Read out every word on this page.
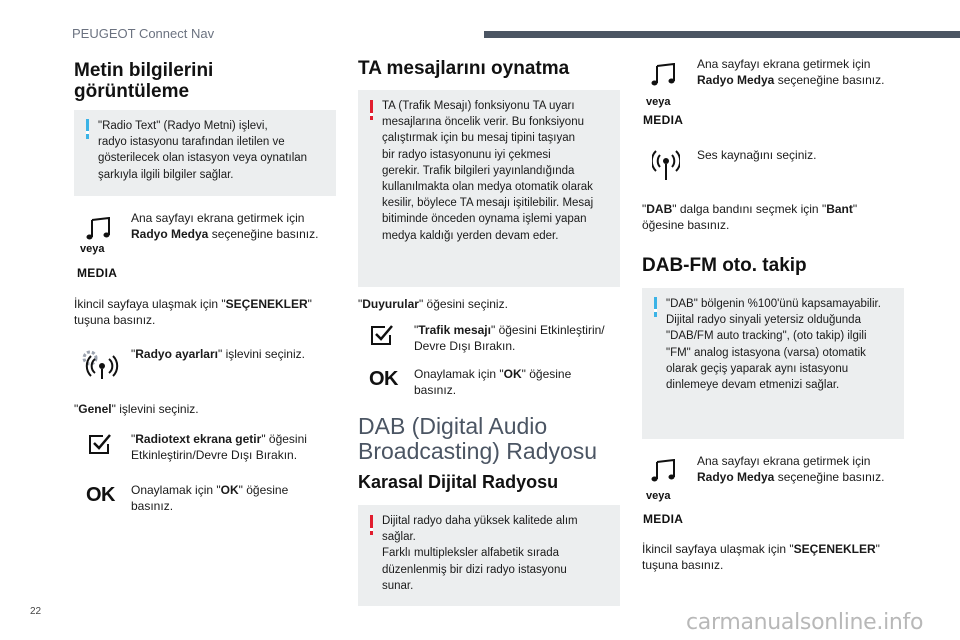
PEUGEOT Connect Nav
Metin bilgilerini
görüntüleme
"Radio Text" (Radyo Metni) işlevi,
radyo istasyonu tarafından iletilen ve
gösterilecek olan istasyon veya oynatılan
şarkıyla ilgili bilgiler sağlar.
veya
MEDIA
Ana sayfayı ekrana getirmek için
Radyo Medya seçeneğine basınız.
İkincil sayfaya ulaşmak için "SEÇENEKLER"
tuşuna basınız.
"Radyo ayarları" işlevini seçiniz.
"Genel" işlevini seçiniz.
"Radiotext ekrana getir" öğesini
Etkinleştirin/Devre Dışı Bırakın.
OK Onaylamak için "OK" öğesine
basınız.
TA mesajlarını oynatma
TA (Trafik Mesajı) fonksiyonu TA uyarı
mesajlarına öncelik verir. Bu fonksiyonu
çalıştırmak için bu mesaj tipini taşıyan
bir radyo istasyonunu iyi çekmesi
gerekir. Trafik bilgileri yayınlandığında
kullanılmakta olan medya otomatik olarak
kesilir, böylece TA mesajı işitilebilir. Mesaj
bitiminde önceden oynama işlemi yapan
medya kaldığı yerden devam eder.
"Duyurular" öğesini seçiniz.
"Trafik mesajı" öğesini Etkinleştirin/
Devre Dışı Bırakın.
OK Onaylamak için "OK" öğesine
basınız.
DAB (Digital Audio
Broadcasting) Radyosu
Karasal Dijital Radyosu
Dijital radyo daha yüksek kalitede alım
sağlar.
Farklı multipleksler alfabetik sırada
düzenlenmiş bir dizi radyo istasyonu
sunar.
veya
MEDIA
Ana sayfayı ekrana getirmek için
Radyo Medya seçeneğine basınız.
Ses kaynağını seçiniz.
"DAB" dalga bandını seçmek için "Bant"
öğesine basınız.
DAB-FM oto. takip
"DAB" bölgenin %100'ünü kapsamayabilir.
Dijital radyo sinyali yetersiz olduğunda
"DAB/FM auto tracking", (oto takip) ilgili
"FM" analog istasyona (varsa) otomatik
olarak geçiş yaparak aynı istasyonu
dinlemeye devam etmenizi sağlar.
veya
MEDIA
Ana sayfayı ekrana getirmek için
Radyo Medya seçeneğine basınız.
İkincil sayfaya ulaşmak için "SEÇENEKLER"
tuşuna basınız.
22	carmanualsonline.info
